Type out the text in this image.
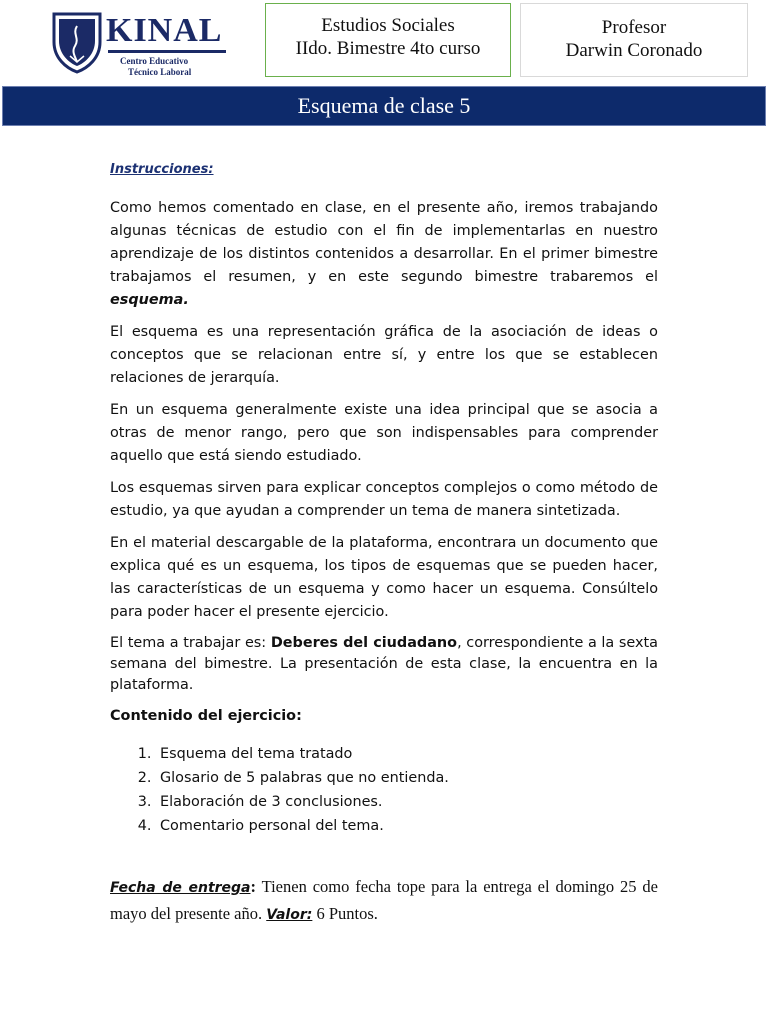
KINAL
Centro Educativo
Técnico Laboral
Estudios Sociales
IIdo. Bimestre 4to curso
Profesor
Darwin Coronado
Esquema de clase 5

Instrucciones:

Como hemos comentado en clase, en el presente año, iremos trabajando algunas técnicas de estudio con el fin de implementarlas en nuestro aprendizaje de los distintos contenidos a desarrollar. En el primer bimestre trabajamos el resumen, y en este segundo bimestre trabaremos el esquema.

El esquema es una representación gráfica de la asociación de ideas o conceptos que se relacionan entre sí, y entre los que se establecen relaciones de jerarquía.

En un esquema generalmente existe una idea principal que se asocia a otras de menor rango, pero que son indispensables para comprender aquello que está siendo estudiado.

Los esquemas sirven para explicar conceptos complejos o como método de estudio, ya que ayudan a comprender un tema de manera sintetizada.

En el material descargable de la plataforma, encontrara un documento que explica qué es un esquema, los tipos de esquemas que se pueden hacer, las características de un esquema y como hacer un esquema. Consúltelo para poder hacer el presente ejercicio.

El tema a trabajar es: Deberes del ciudadano, correspondiente a la sexta semana del bimestre. La presentación de esta clase, la encuentra en la plataforma.

Contenido del ejercicio:

1. Esquema del tema tratado
2. Glosario de 5 palabras que no entienda.
3. Elaboración de 3 conclusiones.
4. Comentario personal del tema.
Fecha de entrega: Tienen como fecha tope para la entrega el domingo 25 de mayo del presente año. Valor: 6 Puntos.
